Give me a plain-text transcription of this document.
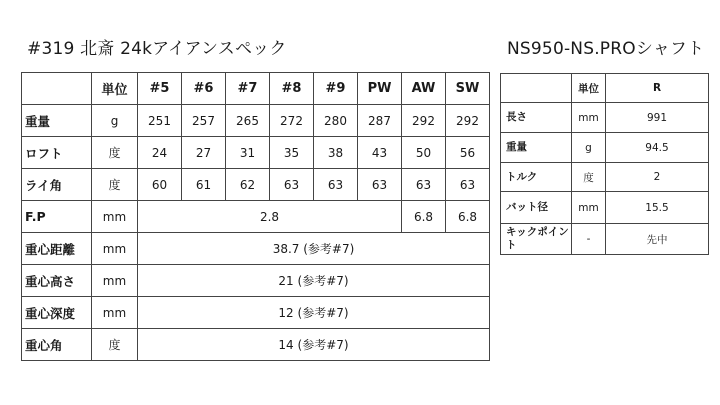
#319 北斎 24kアイアンスペック	NS950-NS.PROシャフト
	単位	#5	#6	#7	#8	#9	PW	AW	SW
重量	g	251	257	265	272	280	287	292	292
ロフト	度	24	27	31	35	38	43	50	56
ライ角	度	60	61	62	63	63	63	63	63
F.P	mm	2.8						6.8	6.8
重心距離	mm	38.7 (参考#7)							
重心高さ	mm	21 (参考#7)							
重心深度	mm	12 (参考#7)							
重心角	度	14 (参考#7)							
	単位	R
長さ	mm	991
重量	g	94.5
トルク	度	2
バット径	mm	15.5
キックポイント	-	先中
